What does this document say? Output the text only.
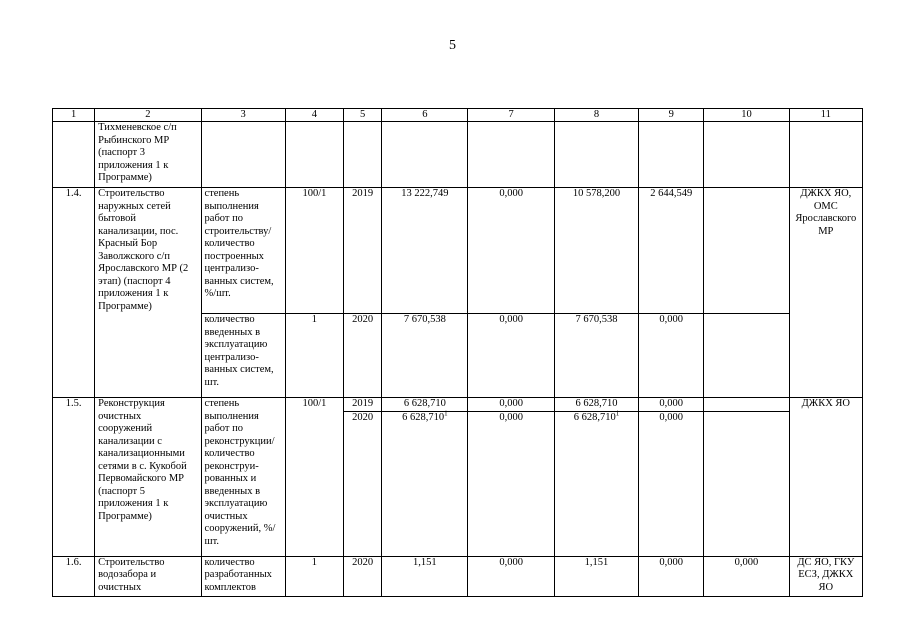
5
1	2	3	4	5	6	7	8	9	10	11
	Тихменевское с/п Рыбинского МР (паспорт 3 приложения 1 к Программе)									
1.4.	Строительство наружных сетей бытовой канализации, пос. Красный Бор Заволжского с/п Ярославского МР (2 этап) (паспорт 4 приложения 1 к Программе)	степень выполнения работ по строительству/ количество построенных централизо-ванных систем, %/шт.	100/1	2019	13 222,749	0,000	10 578,200	2 644,549		ДЖКХ ЯО, ОМС Ярославского МР
		количество введенных в эксплуатацию централизо-ванных систем, шт.	1	2020	7 670,538	0,000	7 670,538	0,000		
1.5.	Реконструкция очистных сооружений канализации с канализационными сетями в с. Кукобой Первомайского МР (паспорт 5 приложения 1 к Программе)	степень выполнения работ по реконструкции/ количество реконструи-рованных и введенных в эксплуатацию очистных сооружений, %/шт.	100/1	2019	6 628,710	0,000	6 628,710	0,000		ДЖКХ ЯО
				2020	6 628,710$^1$	0,000	6 628,710$^1$	0,000		
1.6.	Строительство водозабора и очистных	количество разработанных комплектов	1	2020	1,151	0,000	1,151	0,000	0,000	ДС ЯО, ГКУ ЕСЗ, ДЖКХ ЯО
